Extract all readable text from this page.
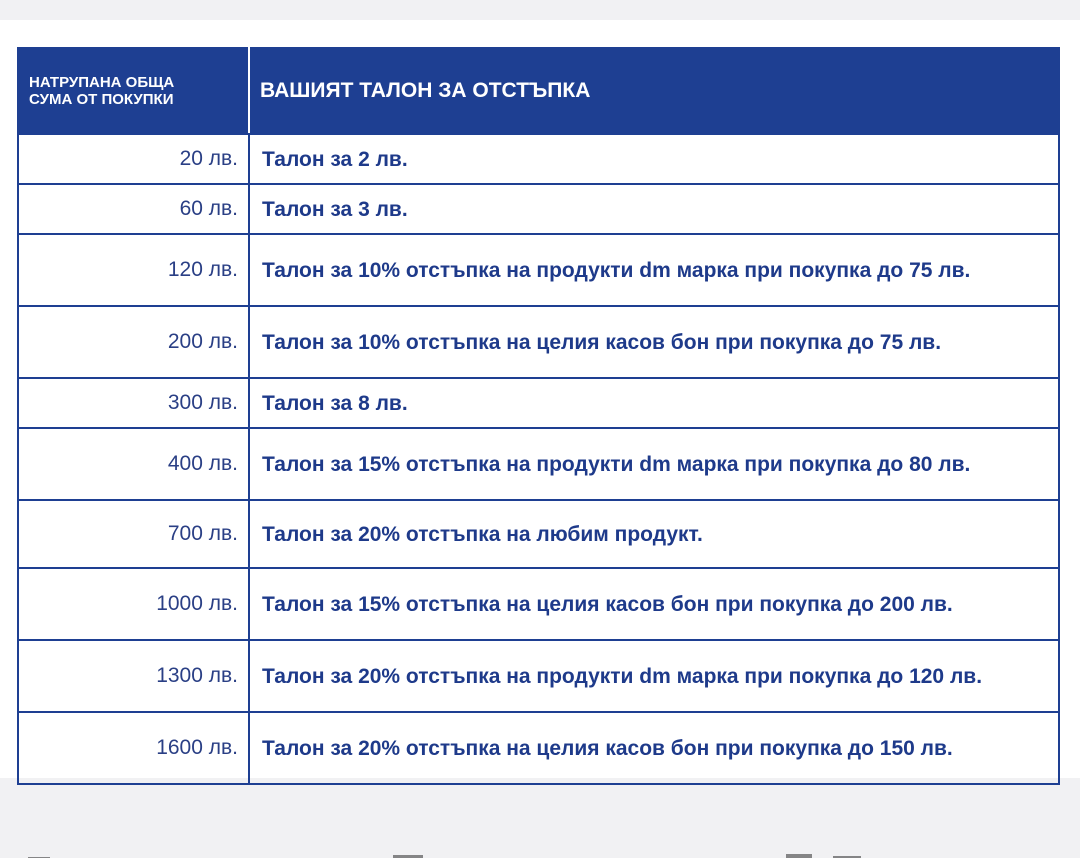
НАТРУПАНА ОБЩА
СУМА ОТ ПОКУПКИ	ВАШИЯТ ТАЛОН ЗА ОТСТЪПКА
20 лв.	Талон за 2 лв.
60 лв.	Талон за 3 лв.
120 лв.	Талон за 10% отстъпка на продукти dm марка при покупка до 75 лв.
200 лв.	Талон за 10% отстъпка на целия касов бон при покупка до 75 лв.
300 лв.	Талон за 8 лв.
400 лв.	Талон за 15% отстъпка на продукти dm марка при покупка до 80 лв.
700 лв.	Талон за 20% отстъпка на любим продукт.
1000 лв.	Талон за 15% отстъпка на целия касов бон при покупка до 200 лв.
1300 лв.	Талон за 20% отстъпка на продукти dm марка при покупка до 120 лв.
1600 лв.	Талон за 20% отстъпка на целия касов бон при покупка до 150 лв.
